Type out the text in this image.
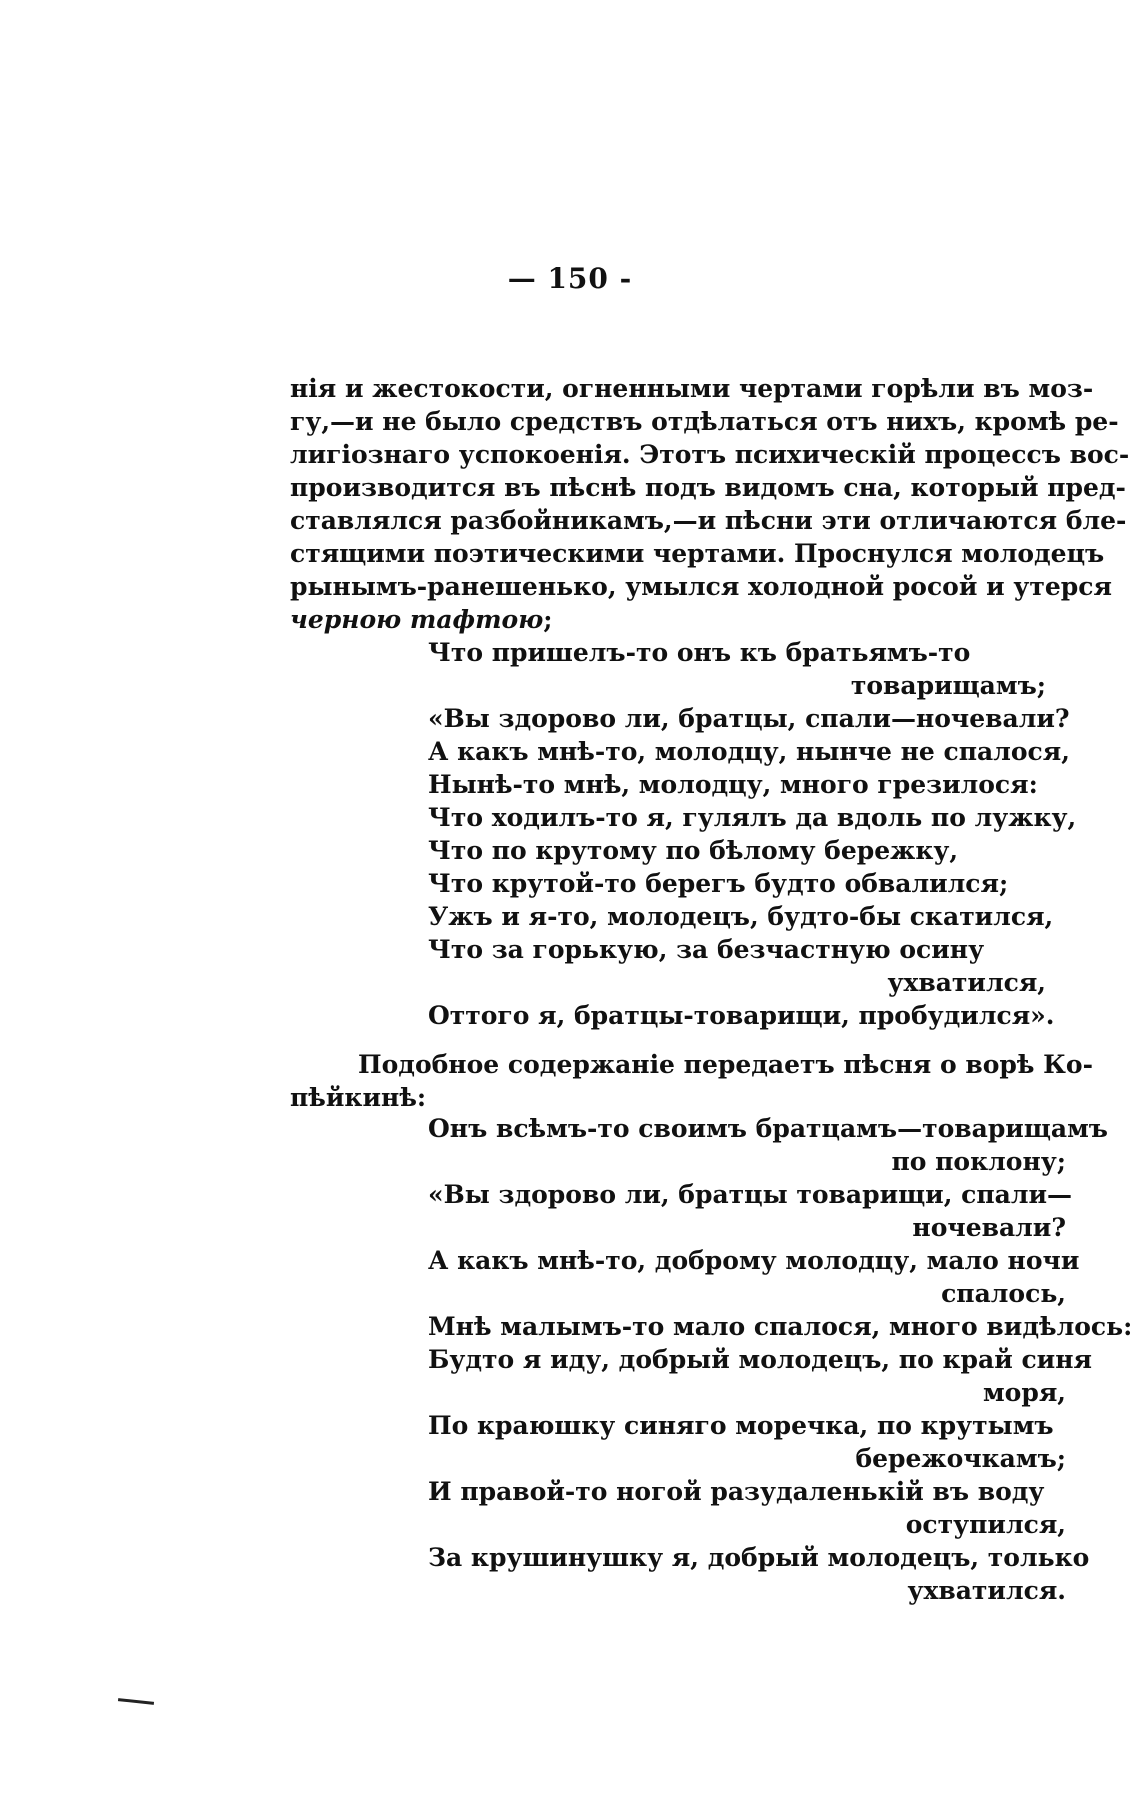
— 150 -
нія и жестокости, огненными чертами горѣли въ моз-
гу,—и не было средствъ отдѣлаться отъ нихъ, кромѣ ре-
лигіознаго успокоенія. Этотъ психическій процессъ вос-
производится въ пѣснѣ подъ видомъ сна, который пред-
ставлялся разбойникамъ,—и пѣсни эти отличаются бле-
стящими поэтическими чертами. Проснулся молодецъ
рынымъ-ранешенько, умылся холодной росой и утерся
черною тафтою;
Что пришелъ-то онъ къ братьямъ-то
товарищамъ;
«Вы здорово ли, братцы, спали—ночевали?
А какъ мнѣ-то, молодцу, нынче не спалося,
Нынѣ-то мнѣ, молодцу, много грезилося:
Что ходилъ-то я, гулялъ да вдоль по лужку,
Что по крутому по бѣлому бережку,
Что крутой-то берегъ будто обвалился;
Ужъ и я-то, молодецъ, будто-бы скатился,
Что за горькую, за безчастную осину
ухватился,
Оттого я, братцы-товарищи, пробудился».
Подобное содержаніе передаетъ пѣсня о ворѣ Ко-
пѣйкинѣ:
Онъ всѣмъ-то своимъ братцамъ—товарищамъ
по поклону;
«Вы здорово ли, братцы товарищи, спали—
ночевали?
А какъ мнѣ-то, доброму молодцу, мало ночи
спалось,
Мнѣ малымъ-то мало спалося, много видѣлось:
Будто я иду, добрый молодецъ, по край синя
моря,
По краюшку синяго моречка, по крутымъ
бережочкамъ;
И правой-то ногой разудаленькій въ воду
оступился,
За крушинушку я, добрый молодецъ, только
ухватился.
